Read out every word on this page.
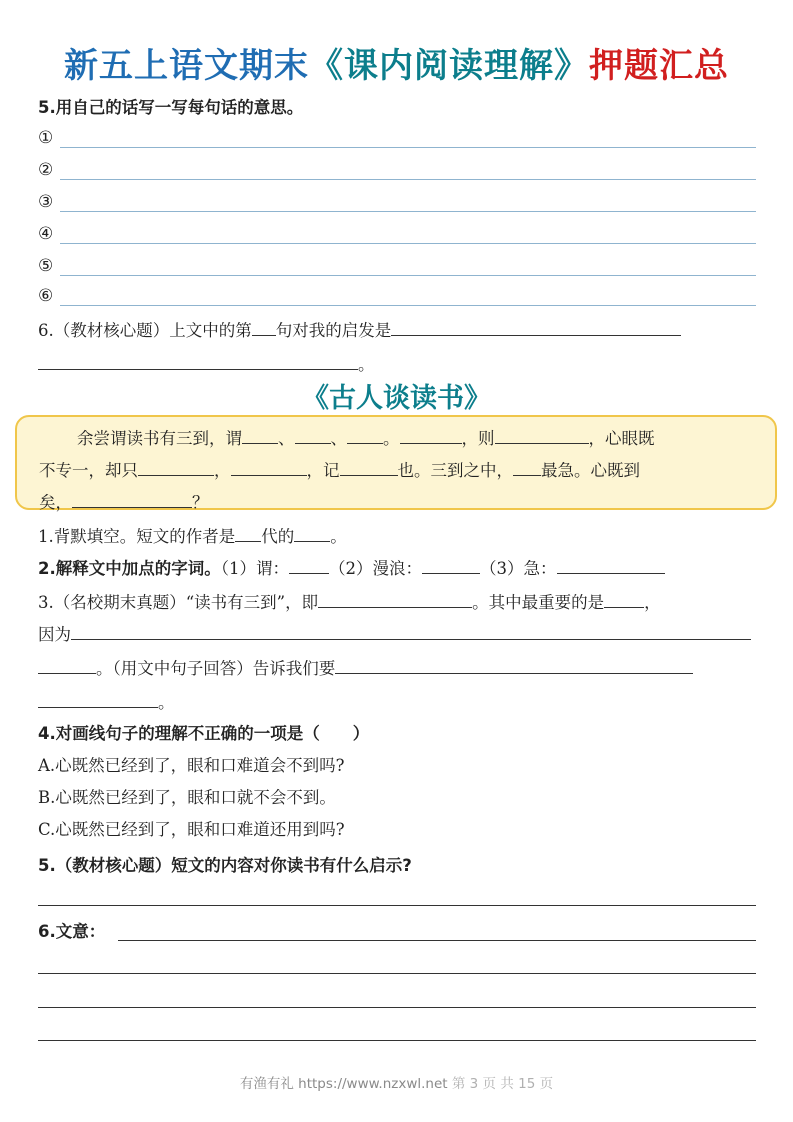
新五上语文期末《课内阅读理解》押题汇总
5.用自己的话写一写每句话的意思。
①
②
③
④
⑤
⑥
6.（教材核心题）上文中的第 句对我的启发是
。
《古人谈读书》
余尝谓读书有三到，谓 、 、 。	，则	，心眼既
不专一，却只	，	，记	也。三到之中， 最急。心既到
矣，	？
1.背默填空。短文的作者是 代的 。
2.解释文中加点的字词。（1）谓： （2）漫浪：	（3）急：
3.（名校期末真题）“读书有三到”，即	。其中最重要的是 ，
因为
。（用文中句子回答）告诉我们要
。
4.对画线句子的理解不正确的一项是（　　）
A.心既然已经到了，眼和口难道会不到吗?
B.心既然已经到了，眼和口就不会不到。
C.心既然已经到了，眼和口难道还用到吗?
5.（教材核心题）短文的内容对你读书有什么启示?
6.文意：
有渔有礼 https://www.nzxwl.net 第 3 页 共 15 页
